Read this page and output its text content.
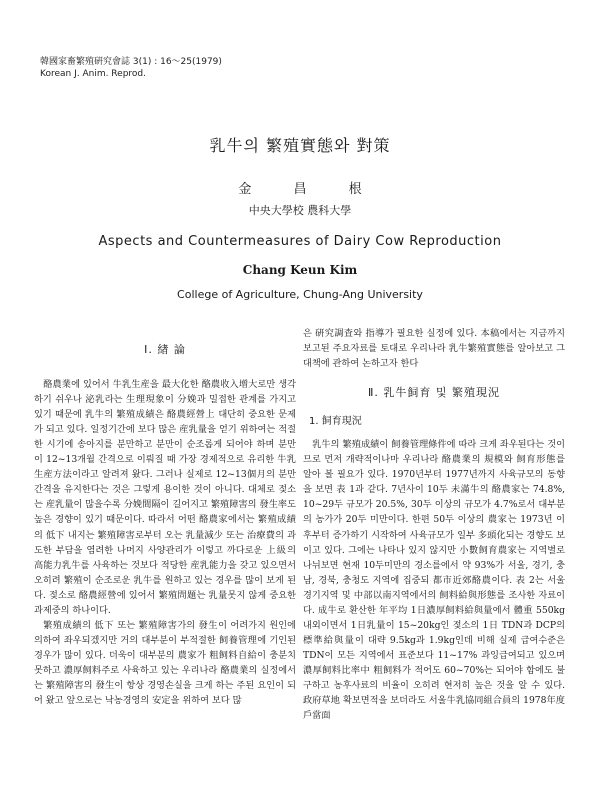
韓國家畜繁殖硏究會誌 3(1) : 16～25(1979)
Korean J. Anim. Reprod.
乳牛의 繁殖實態와 對策
金 昌 根
中央大學校 農科大學
Aspects and Countermeasures of Dairy Cow Reproduction
Chang Keun Kim
College of Agriculture, Chung-Ang University
Ⅰ. 緖 論

酪農業에 있어서 牛乳生産을 最大化한 酪農收入增大로만 생각하기 쉬우나 泌乳라는 生理現象이 分娩과 밀접한 관계를 가지고 있기 때문에 乳牛의 繁殖成績은 酪農經營上 대단히 중요한 문제가 되고 있다. 일정기간에 보다 많은 産乳量을 얻기 위하여는 적절한 시기에 송아지를 분만하고 분만이 순조롭게 되어야 하며 분만이 12~13개월 간격으로 이뤄질 때 가장 경제적으로 유리한 牛乳生産方法이라고 알려져 왔다. 그러나 실제로 12~13個月의 분만간격을 유지한다는 것은 그렇게 용이한 것이 아니다. 대체로 젖소는 産乳量이 많을수록 分娩間隔이 길어지고 繁殖障害의 發生率도 높은 경향이 있기 때문이다. 따라서 어떤 酪農家에서는 繁殖成績의 低下 내지는 繁殖障害로부터 오는 乳量減少 또는 治療費의 과도한 부담을 염려한 나머지 사양관리가 이렇고 까다로운 上級의 高能力乳牛를 사육하는 것보다 적당한 産乳能力을 갖고 있으면서 오히려 繁殖이 순조로운 乳牛를 원하고 있는 경우를 많이 보게 된다. 젖소로 酪農經營에 있어서 繁殖問題는 乳量못지 않게 중요한 과제중의 하나이다.

繁殖成績의 低下 또는 繁殖障害가의 發生이 어려가지 원인에 의하여 좌우되겠지만 거의 대부분이 부적절한 飼養管理에 기인된 경우가 많이 있다. 더욱이 대부분의 農家가 粗飼料自給이 충분치 못하고 濃厚飼料주로 사육하고 있는 우리나라 酪農業의 실정에서는 繁殖障害의 發生이 항상 경영손실을 크게 하는 주된 요인이 되어 왔고 앞으로는 낙농경영의 安定을 위하여 보다 많

은 硏究調査와 指導가 필요한 실정에 있다. 本稿에서는 지금까지 보고된 주요자료를 토대로 우리나라 乳牛繁殖實態를 알아보고 그 대책에 관하여 논하고자 한다

Ⅱ. 乳牛飼育 및 繁殖現況
1. 飼育現況

乳牛의 繁殖成績이 飼養管理條件에 따라 크게 좌우된다는 것이므로 먼저 개략적이나마 우리나라 酪農業의 規模와 飼育形態를 알아 볼 필요가 있다. 1970년부터 1977년까지 사육규모의 동향을 보면 表 1과 같다. 7년사이 10두 未滿牛의 酪農家는 74.8%, 10~29두 규모가 20.5%, 30두 이상의 규모가 4.7%로서 대부분의 농가가 20두 미만이다. 한편 50두 이상의 農家는 1973년 이후부터 증가하기 시작하여 사육규모가 일부 多頭化되는 경향도 보이고 있다. 그에는 나타나 있지 않지만 小數飼育農家는 지역별로 나뉘보면 현재 10두미만의 경소를에서 약 93%가 서울, 경기, 충남, 경북, 충청도 지역에 집중되 都市近郊酪農이다. 表 2는 서울 경기지역 및 中部以南지역에서의 飼料給與形態를 조사한 자료이다. 成牛로 환산한 年平均 1日濃厚飼料給與量에서 體重 550kg내외이면서 1日乳量이 15~20kg인 젖소의 1日 TDN과 DCP의 標準給與量이 대략 9.5kg과 1.9kg인데 비해 실제 급여수준은 TDN이 모든 지역에서 표준보다 11~17% 과잉급여되고 있으며 濃厚飼料比率中 粗飼料가 적어도 60~70%는 되어야 함에도 불구하고 농후사료의 비율이 오히려 현저히 높은 것을 알 수 있다. 政府草地 확보면적을 보더라도 서울牛乳協同組合員의 1978年度 戶當面
